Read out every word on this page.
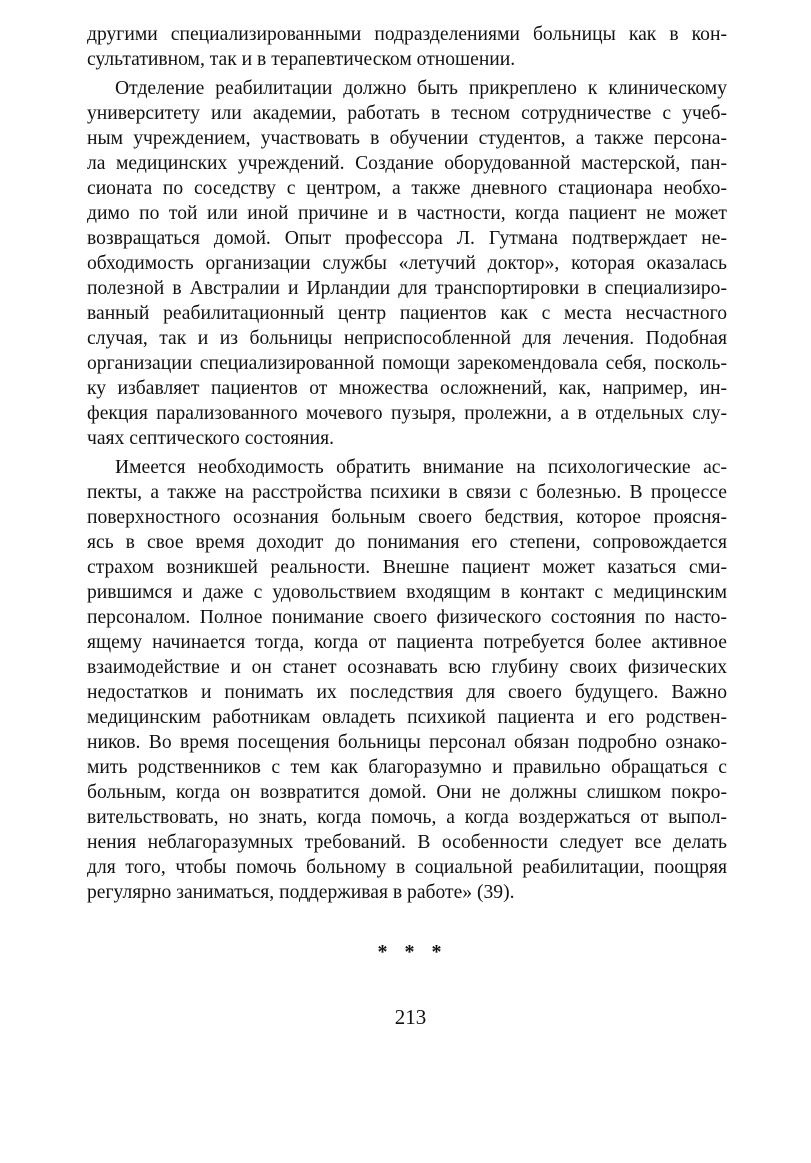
другими специализированными подразделениями больницы как в кон-
сультативном, так и в терапевтическом отношении.
Отделение реабилитации должно быть прикреплено к клиническому
университету или академии, работать в тесном сотрудничестве с учеб-
ным учреждением, участвовать в обучении студентов, а также персона-
ла медицинских учреждений. Создание оборудованной мастерской, пан-
сионата по соседству с центром, а также дневного стационара необхо-
димо по той или иной причине и в частности, когда пациент не может
возвращаться домой. Опыт профессора Л. Гутмана подтверждает не-
обходимость организации службы «летучий доктор», которая оказалась
полезной в Австралии и Ирландии для транспортировки в специализиро-
ванный реабилитационный центр пациентов как с места несчастного
случая, так и из больницы неприспособленной для лечения. Подобная
организации специализированной помощи зарекомендовала себя, посколь-
ку избавляет пациентов от множества осложнений, как, например, ин-
фекция парализованного мочевого пузыря, пролежни, а в отдельных слу-
чаях септического состояния.
Имеется необходимость обратить внимание на психологические ас-
пекты, а также на расстройства психики в связи с болезнью. В процессе
поверхностного осознания больным своего бедствия, которое проясня-
ясь в свое время доходит до понимания его степени, сопровождается
страхом возникшей реальности. Внешне пациент может казаться сми-
рившимся и даже с удовольствием входящим в контакт с медицинским
персоналом. Полное понимание своего физического состояния по насто-
ящему начинается тогда, когда от пациента потребуется более активное
взаимодействие и он станет осознавать всю глубину своих физических
недостатков и понимать их последствия для своего будущего. Важно
медицинским работникам овладеть психикой пациента и его родствен-
ников. Во время посещения больницы персонал обязан подробно ознако-
мить родственников с тем как благоразумно и правильно обращаться с
больным, когда он возвратится домой. Они не должны слишком покро-
вительствовать, но знать, когда помочь, а когда воздержаться от выпол-
нения неблагоразумных требований. В особенности следует все делать
для того, чтобы помочь больному в социальной реабилитации, поощряя
регулярно заниматься, поддерживая в работе» (39).
* * *
213
